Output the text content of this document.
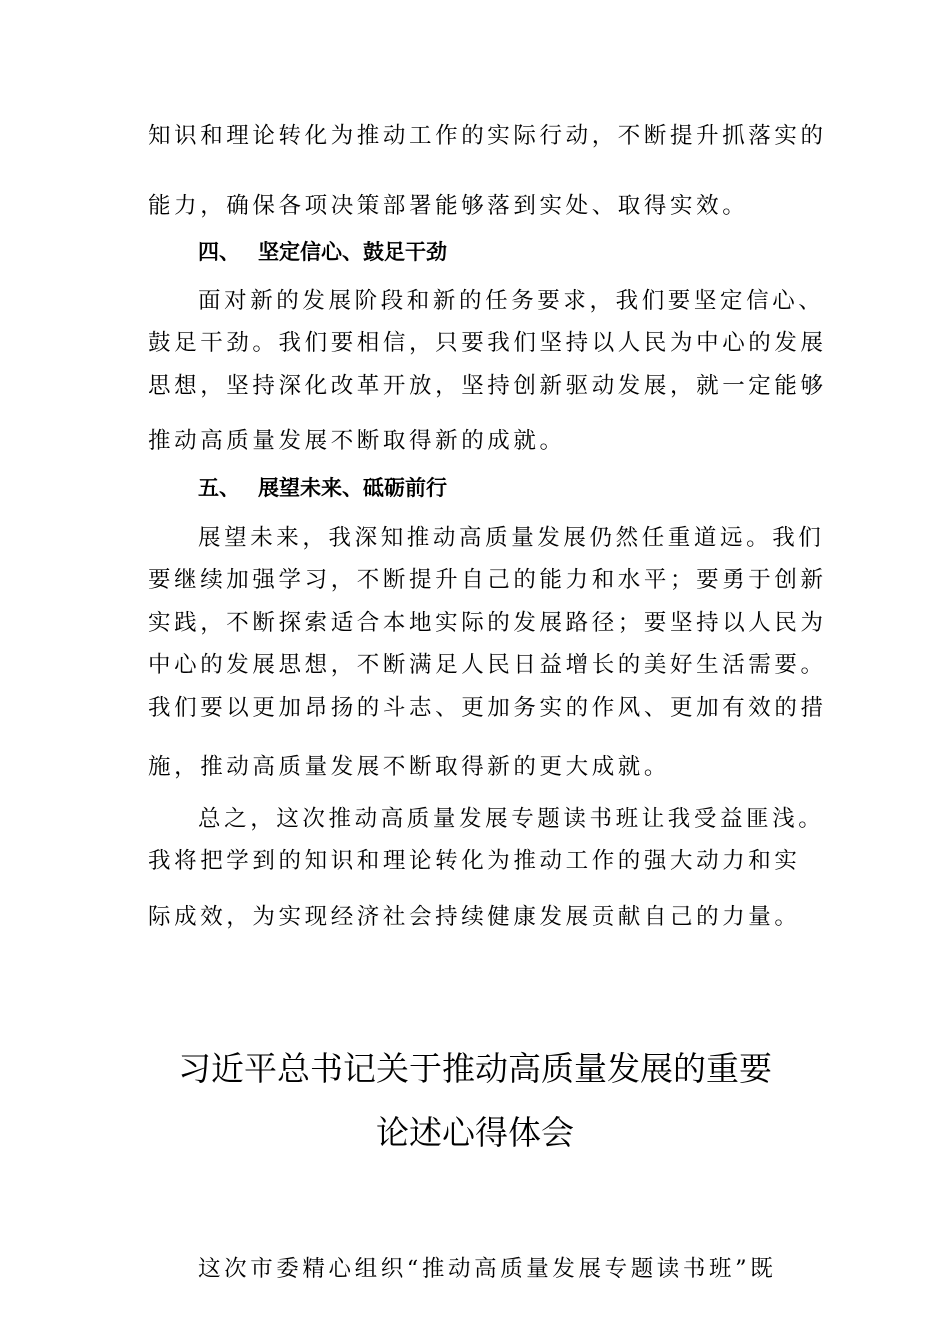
知识和理论转化为推动工作的实际行动，不断提升抓落实的
能力，确保各项决策部署能够落到实处、取得实效。
四、 坚定信心、鼓足干劲
面对新的发展阶段和新的任务要求，我们要坚定信心、
鼓足干劲。我们要相信，只要我们坚持以人民为中心的发展
思想，坚持深化改革开放，坚持创新驱动发展，就一定能够
推动高质量发展不断取得新的成就。
五、 展望未来、砥砺前行
展望未来，我深知推动高质量发展仍然任重道远。我们
要继续加强学习，不断提升自己的能力和水平；要勇于创新
实践，不断探索适合本地实际的发展路径；要坚持以人民为
中心的发展思想，不断满足人民日益增长的美好生活需要。
我们要以更加昂扬的斗志、更加务实的作风、更加有效的措
施，推动高质量发展不断取得新的更大成就。
总之，这次推动高质量发展专题读书班让我受益匪浅。
我将把学到的知识和理论转化为推动工作的强大动力和实
际成效，为实现经济社会持续健康发展贡献自己的力量。
习近平总书记关于推动高质量发展的重要
论述心得体会
这次市委精心组织“推动高质量发展专题读书班”既
